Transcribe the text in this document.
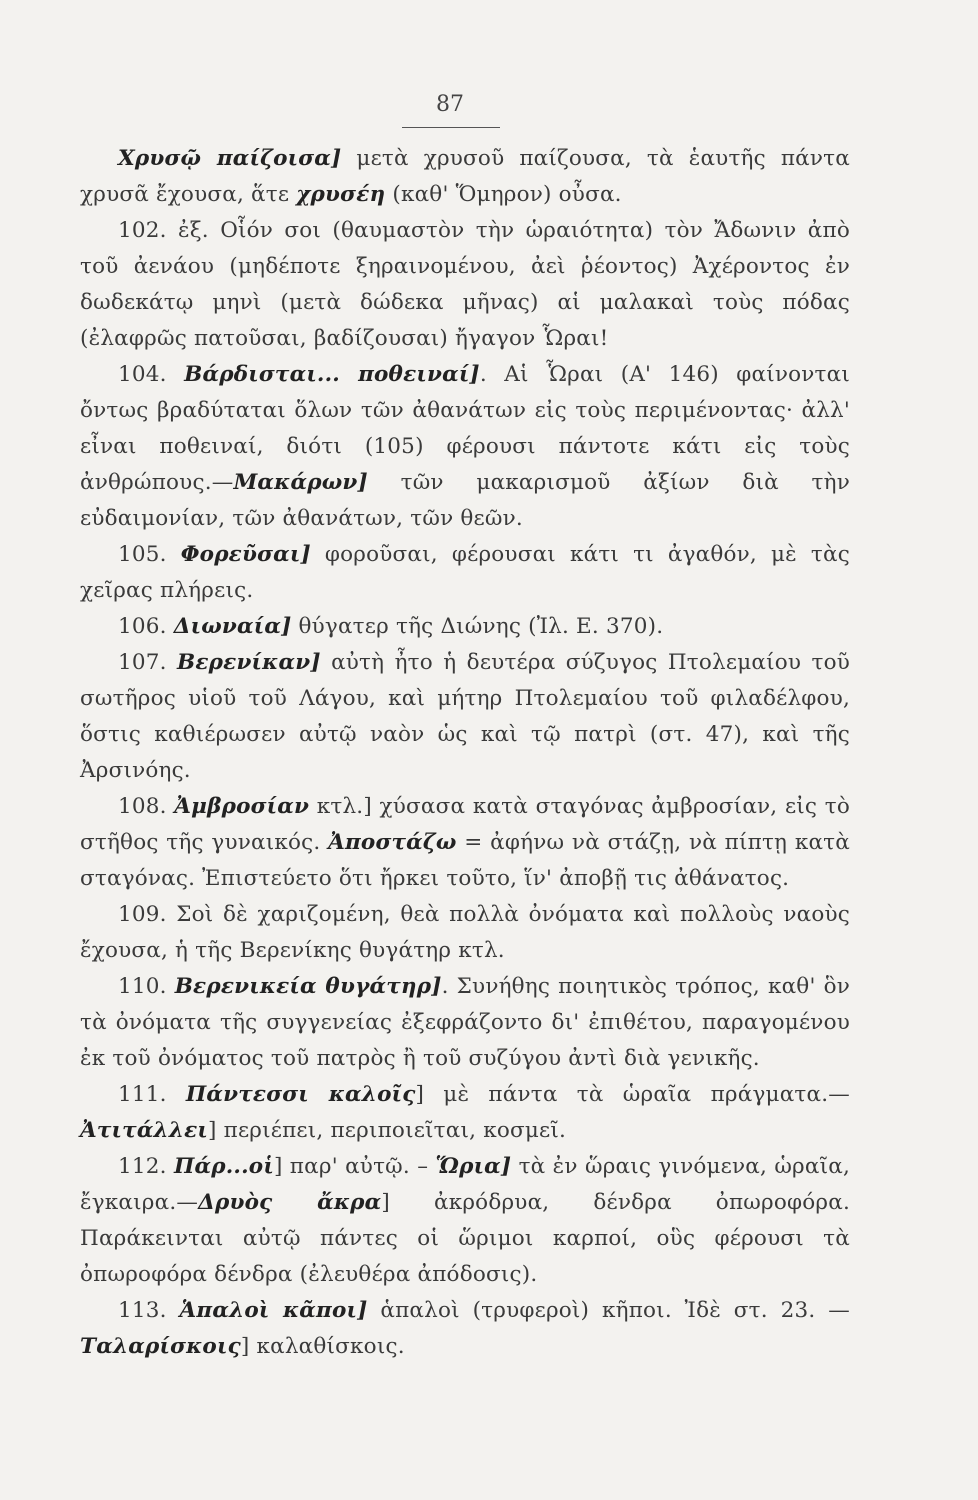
87

Χρυσῷ παίζοισα] μετὰ χρυσοῦ παίζουσα, τὰ ἑαυτῆς πάντα χρυσᾶ ἔχουσα, ἅτε χρυσέη (καθ' Ὅμηρον) οὖσα.

102. ἐξ. Οἷόν σοι (θαυμαστὸν τὴν ὡραιότητα) τὸν Ἄδωνιν ἀπὸ τοῦ ἀενάου (μηδέποτε ξηραινομένου, ἀεὶ ῥέοντος) Ἀχέροντος ἐν δωδεκάτῳ μηνὶ (μετὰ δώδεκα μῆνας) αἱ μαλακαὶ τοὺς πόδας (ἐλαφρῶς πατοῦσαι, βαδίζουσαι) ἤγαγον Ὧραι!

104. Βάρδισται... ποθειναί]. Αἱ Ὧραι (Α' 146) φαίνονται ὄντως βραδύταται ὅλων τῶν ἀθανάτων εἰς τοὺς περιμένοντας· ἀλλ' εἶναι ποθειναί, διότι (105) φέρουσι πάντοτε κάτι εἰς τοὺς ἀνθρώπους.—Μακάρων] τῶν μακαρισμοῦ ἀξίων διὰ τὴν εὐδαιμονίαν, τῶν ἀθανάτων, τῶν θεῶν.

105. Φορεῦσαι] φοροῦσαι, φέρουσαι κάτι τι ἀγαθόν, μὲ τὰς χεῖρας πλήρεις.

106. Διωναία] θύγατερ τῆς Διώνης (Ἰλ. Ε. 370).

107. Βερενίκαν] αὐτὴ ἦτο ἡ δευτέρα σύζυγος Πτολεμαίου τοῦ σωτῆρος υἱοῦ τοῦ Λάγου, καὶ μήτηρ Πτολεμαίου τοῦ φιλαδέλφου, ὅστις καθιέρωσεν αὐτῷ ναὸν ὡς καὶ τῷ πατρὶ (στ. 47), καὶ τῆς Ἀρσινόης.

108. Ἀμβροσίαν κτλ.] χύσασα κατὰ σταγόνας ἀμβροσίαν, εἰς τὸ στῆθος τῆς γυναικός. Ἀποστάζω = ἀφήνω νὰ στάζῃ, νὰ πίπτῃ κατὰ σταγόνας. Ἐπιστεύετο ὅτι ἤρκει τοῦτο, ἵν' ἀποβῇ τις ἀθάνατος.

109. Σοὶ δὲ χαριζομένη, θεὰ πολλὰ ὀνόματα καὶ πολλοὺς ναοὺς ἔχουσα, ἡ τῆς Βερενίκης θυγάτηρ κτλ.

110. Βερενικεία θυγάτηρ]. Συνήθης ποιητικὸς τρόπος, καθ' ὃν τὰ ὀνόματα τῆς συγγενείας ἐξεφράζοντο δι' ἐπιθέτου, παραγομένου ἐκ τοῦ ὀνόματος τοῦ πατρὸς ἢ τοῦ συζύγου ἀντὶ διὰ γενικῆς.

111. Πάντεσσι καλοῖς] μὲ πάντα τὰ ὡραῖα πράγματα.— Ἀτιτάλλει] περιέπει, περιποιεῖται, κοσμεῖ.

112. Πάρ...οἱ] παρ' αὐτῷ. – Ὥρια] τὰ ἐν ὥραις γινόμενα, ὡραῖα, ἔγκαιρα.—Δρυὸς ἄκρα] ἀκρόδρυα, δένδρα ὀπωροφόρα. Παράκεινται αὐτῷ πάντες οἱ ὥριμοι καρποί, οὓς φέρουσι τὰ ὀπωροφόρα δένδρα (ἐλευθέρα ἀπόδοσις).

113. Ἁπαλοὶ κᾶποι] ἁπαλοὶ (τρυφεροὶ) κῆποι. Ἰδὲ στ. 23. —Ταλαρίσκοις] καλαθίσκοις.
